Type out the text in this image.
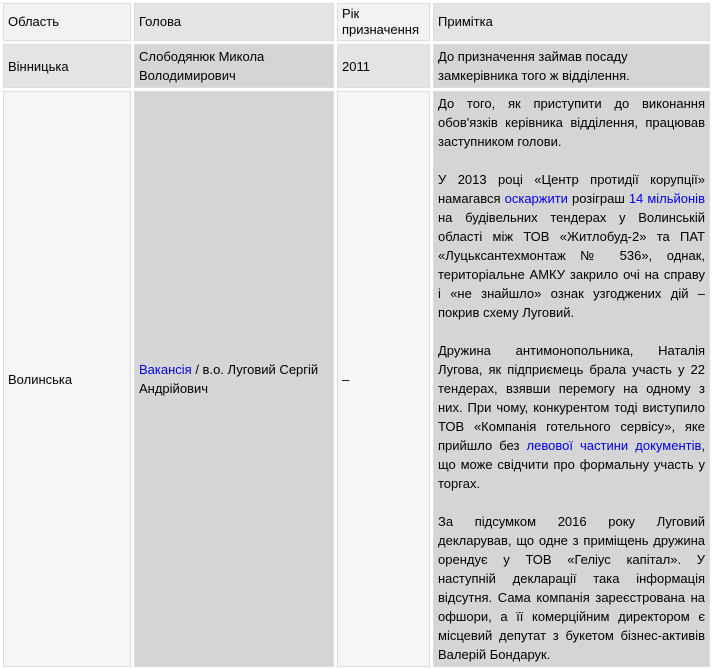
Область	Голова	Рік призначення	Примітка
Вінницька	Слободянюк Микола Володимирович	2011	До призначення займав посаду замкерівника того ж відділення.
Волинська	Вакансія / в.о. Луговий Сергій Андрійович	–	До того, як приступити до виконання обов'язків керівника відділення, працював заступником голови.

У 2013 році «Центр протидії корупції» намагався оскаржити розіграш 14 мільйонів на будівельних тендерах у Волинській області між ТОВ «Житлобуд-2» та ПАТ «Луцьксантехмонтаж № 536», однак, територіальне АМКУ закрило очі на справу і «не знайшло» ознак узгоджених дій – покрив схему Луговий.

Дружина антимонопольника, Наталія Лугова, як підприємець брала участь у 22 тендерах, взявши перемогу на одному з них. При чому, конкурентом тоді виступило ТОВ «Компанія готельного сервісу», яке прийшло без левової частини документів, що може свідчити про формальну участь у торгах.

За підсумком 2016 року Луговий декларував, що одне з приміщень дружина орендує у ТОВ «Геліус капітал». У наступній декларації така інформація відсутня. Сама компанія зареєстрована на офшори, а її комерційним директором є місцевий депутат з букетом бізнес-активів Валерій Бондарук.
